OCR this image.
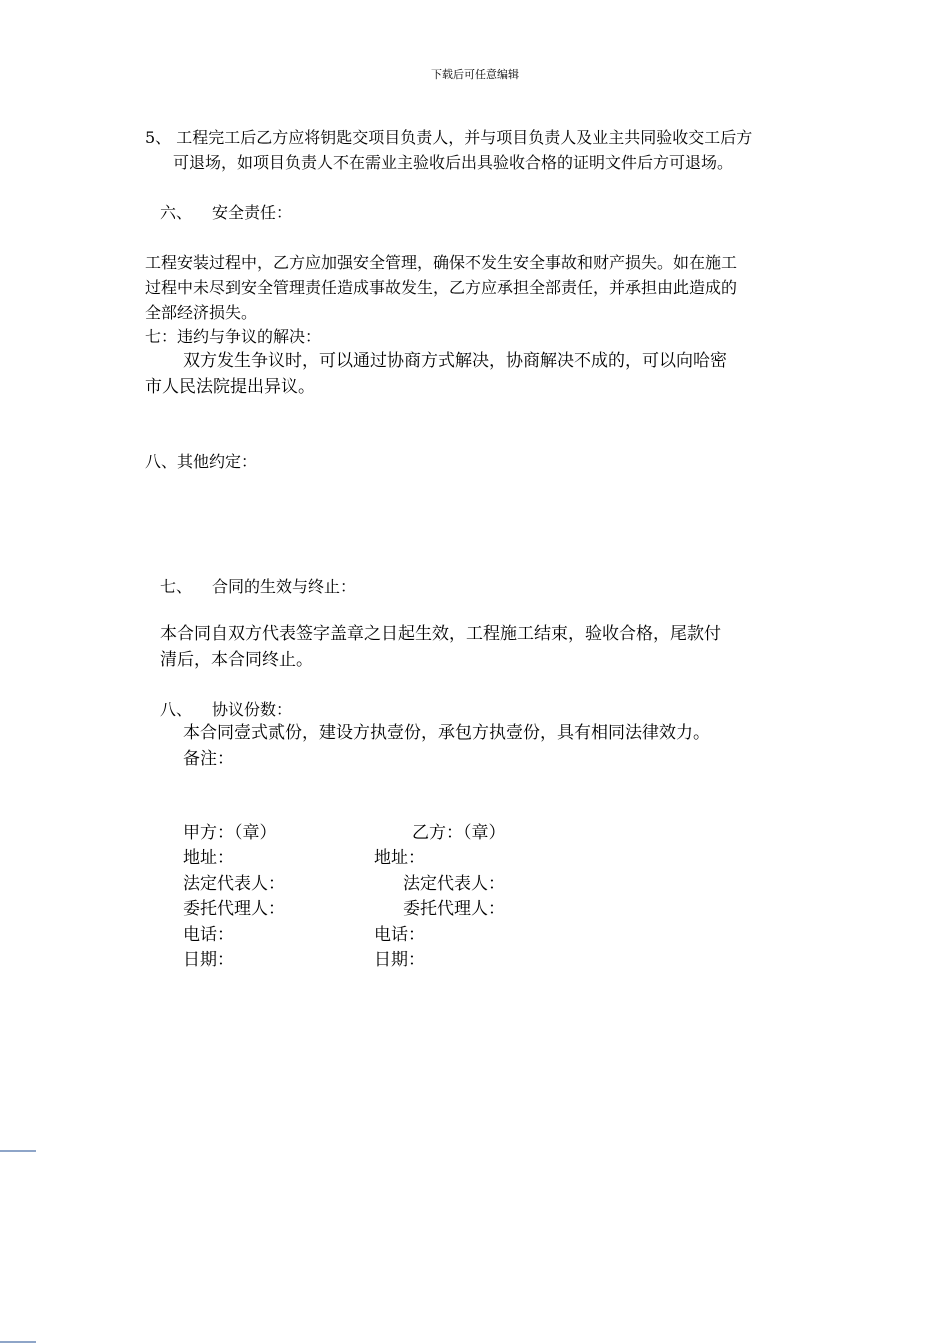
下载后可任意编辑

5、 工程完工后乙方应将钥匙交项目负责人，并与项目负责人及业主共同验收交工后方

可退场，如项目负责人不在需业主验收后出具验收合格的证明文件后方可退场。

六、 安全责任：

工程安装过程中，乙方应加强安全管理，确保不发生安全事故和财产损失。如在施工

过程中未尽到安全管理责任造成事故发生，乙方应承担全部责任，并承担由此造成的

全部经济损失。

七：违约与争议的解决：

双方发生争议时，可以通过协商方式解决，协商解决不成的，可以向哈密

市人民法院提出异议。

八、其他约定：

七、 合同的生效与终止：

本合同自双方代表签字盖章之日起生效，工程施工结束，验收合格，尾款付

清后，本合同终止。

八、 协议份数：

本合同壹式贰份，建设方执壹份，承包方执壹份，具有相同法律效力。

备注：

甲方：（章）
地址：
法定代表人：
委托代理人：
电话：
日期：
乙方：（章）
地址：
法定代表人：
委托代理人：
电话：
日期：
